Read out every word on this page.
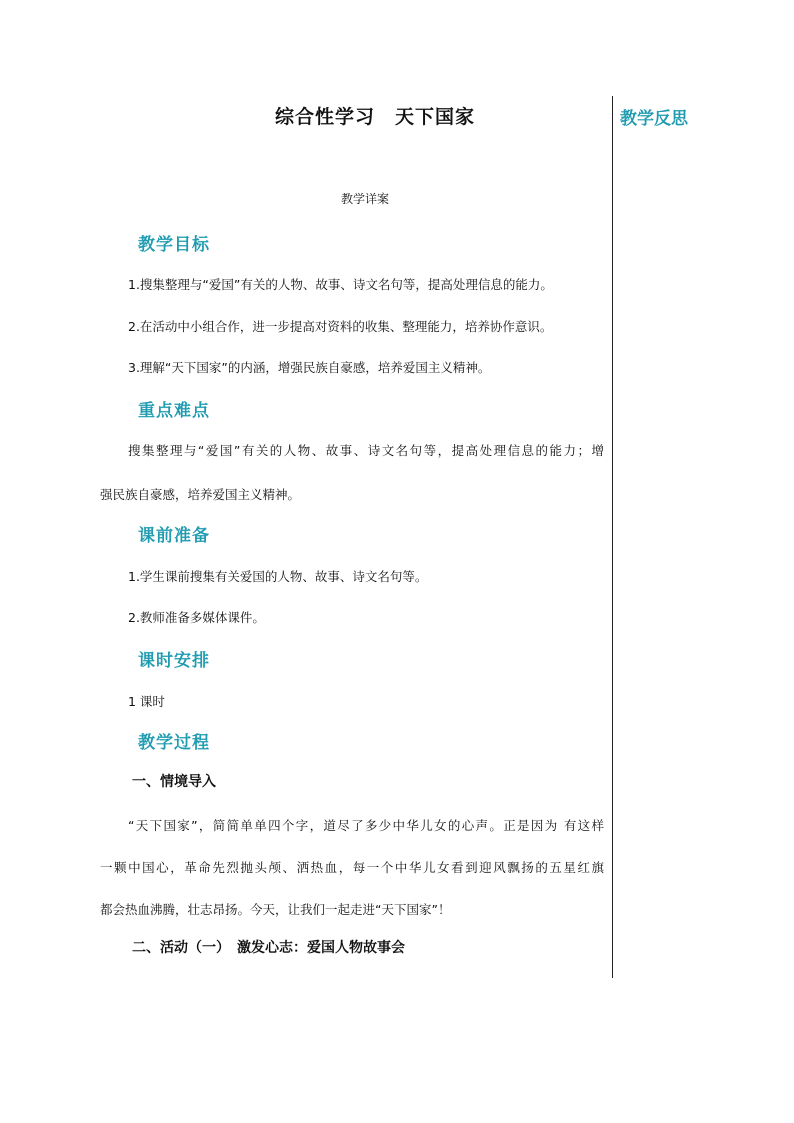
综合性学习　天下国家	教学反思
教学详案
教学目标
1.搜集整理与“爱国”有关的人物、故事、诗文名句等，提高处理信息的能力。
2.在活动中小组合作，进一步提高对资料的收集、整理能力，培养协作意识。
3.理解“天下国家”的内涵，增强民族自豪感，培养爱国主义精神。
重点难点
搜集整理与“爱国”有关的人物、故事、诗文名句等，提高处理信息的能力；增
强民族自豪感，培养爱国主义精神。
课前准备
1.学生课前搜集有关爱国的人物、故事、诗文名句等。
2.教师准备多媒体课件。
课时安排
1 课时
教学过程
一、情境导入
“天下国家”，简简单单四个字，道尽了多少中华儿女的心声。正是因为 有这样
一颗中国心，革命先烈抛头颅、洒热血，每一个中华儿女看到迎风飘扬的五星红旗
都会热血沸腾，壮志昂扬。今天，让我们一起走进“天下国家”！
二、活动（一）　激发心志：爱国人物故事会
